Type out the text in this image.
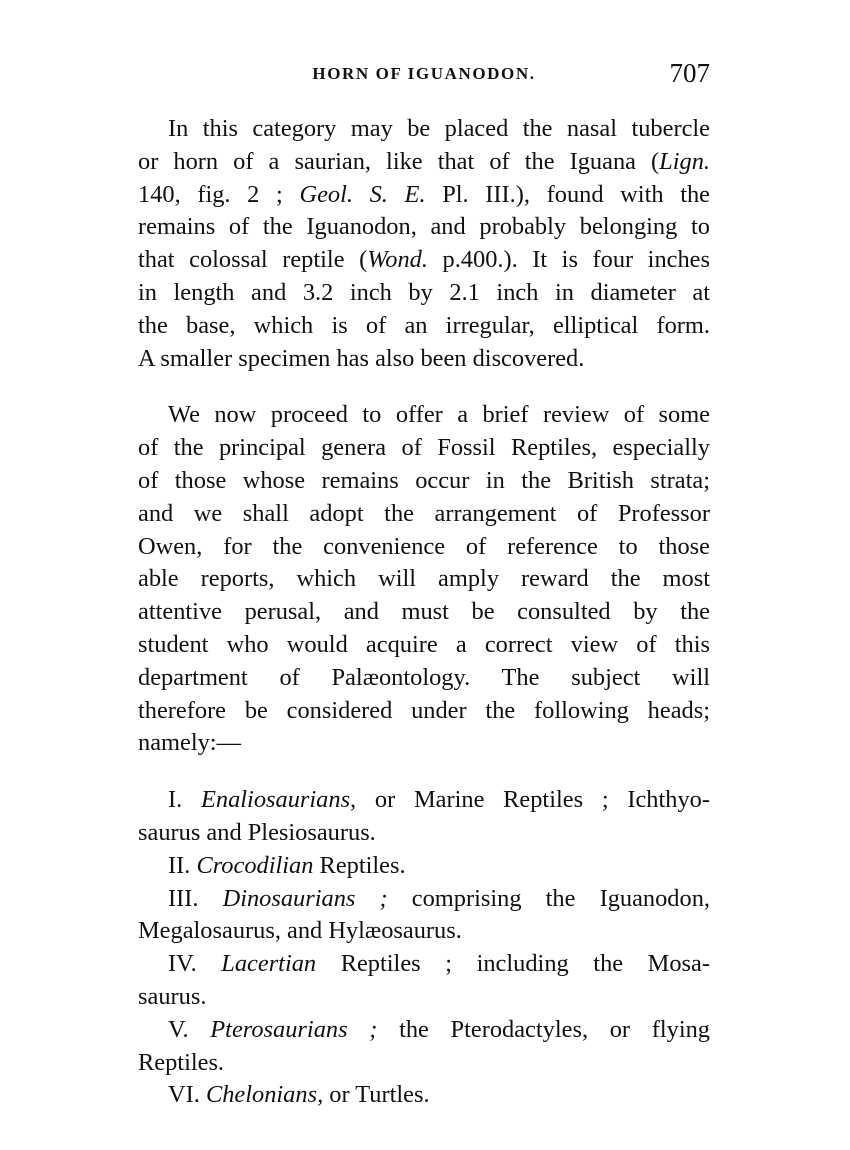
HORN OF IGUANODON.	707
In this category may be placed the nasal tubercle
or horn of a saurian, like that of the Iguana (Lign.
140, fig. 2 ; Geol. S. E. Pl. III.), found with the
remains of the Iguanodon, and probably belonging to
that colossal reptile (Wond. p.400.). It is four inches
in length and 3.2 inch by 2.1 inch in diameter at
the base, which is of an irregular, elliptical form.
A smaller specimen has also been discovered.
We now proceed to offer a brief review of some
of the principal genera of Fossil Reptiles, especially
of those whose remains occur in the British strata;
and we shall adopt the arrangement of Professor
Owen, for the convenience of reference to those
able reports, which will amply reward the most
attentive perusal, and must be consulted by the
student who would acquire a correct view of this
department of Palæontology. The subject will
therefore be considered under the following heads;
namely:—
I. Enaliosaurians, or Marine Reptiles ; Ichthyo-
saurus and Plesiosaurus.
II. Crocodilian Reptiles.
III. Dinosaurians ; comprising the Iguanodon,
Megalosaurus, and Hylæosaurus.
IV. Lacertian Reptiles ; including the Mosa-
saurus.
V. Pterosaurians ; the Pterodactyles, or flying
Reptiles.
VI. Chelonians, or Turtles.
